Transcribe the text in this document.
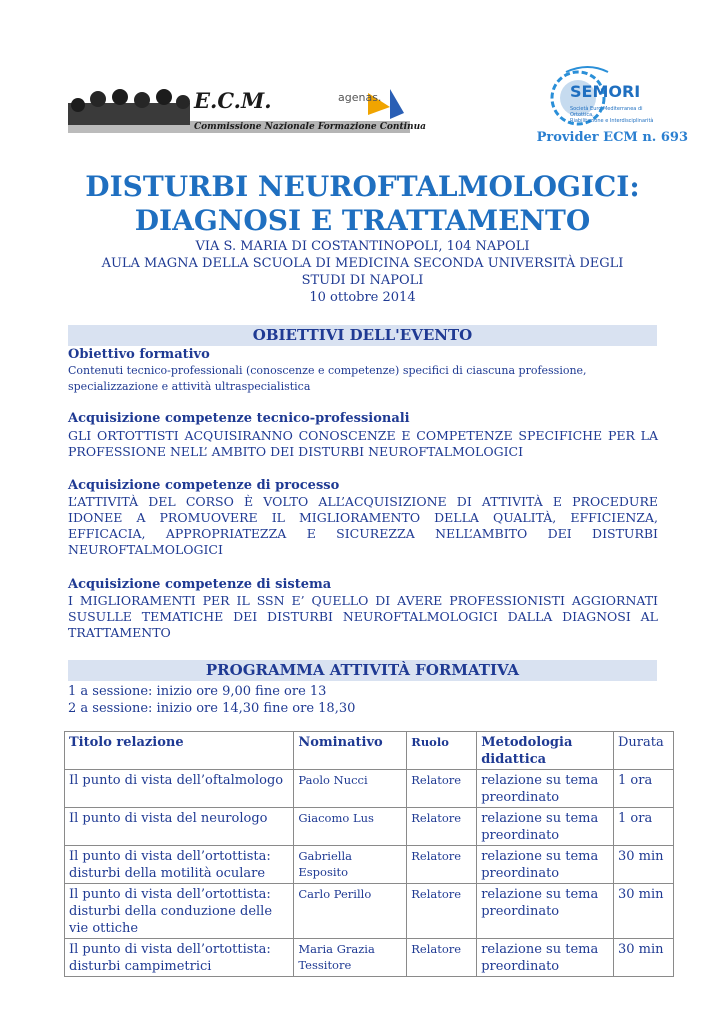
E.C.M.
Commissione Nazionale Formazione Continua
agenas.	SEMORI
Società Euro Mediterranea di Ortottica,
Riabilitazione e Interdisciplinarità
Provider ECM n. 693
DISTURBI NEUROFTALMOLOGICI:
DIAGNOSI E TRATTAMENTO
VIA S. MARIA DI COSTANTINOPOLI, 104 NAPOLI
AULA MAGNA DELLA SCUOLA DI MEDICINA SECONDA UNIVERSITÀ DEGLI
STUDI DI NAPOLI
10 ottobre 2014
OBIETTIVI DELL'EVENTO
Obiettivo formativo
Contenuti tecnico-professionali (conoscenze e competenze) specifici di ciascuna professione, specializzazione e attività ultraspecialistica
Acquisizione competenze tecnico-professionali
GLI ORTOTTISTI ACQUISIRANNO CONOSCENZE E COMPETENZE SPECIFICHE PER LA PROFESSIONE NELL’ AMBITO DEI DISTURBI NEUROFTALMOLOGICI
Acquisizione competenze di processo
L’ATTIVITÀ DEL CORSO È VOLTO ALL’ACQUISIZIONE DI ATTIVITÀ E PROCEDURE IDONEE A PROMUOVERE IL MIGLIORAMENTO DELLA QUALITÀ, EFFICIENZA, EFFICACIA, APPROPRIATEZZA E SICUREZZA NELL’AMBITO DEI DISTURBI NEUROFTALMOLOGICI
Acquisizione competenze di sistema
I MIGLIORAMENTI PER IL SSN E’ QUELLO DI AVERE PROFESSIONISTI AGGIORNATI SUSULLE TEMATICHE DEI DISTURBI NEUROFTALMOLOGICI DALLA DIAGNOSI AL TRATTAMENTO
PROGRAMMA ATTIVITÀ FORMATIVA
1 a sessione: inizio ore 9,00 fine ore 13
2 a sessione: inizio ore 14,30 fine ore 18,30
Titolo relazione	Nominativo	Ruolo	Metodologia didattica	Durata
Il punto di vista dell’oftalmologo	Paolo Nucci	Relatore	relazione su tema preordinato	1 ora
Il punto di vista del neurologo	Giacomo Lus	Relatore	relazione su tema preordinato	1 ora
Il punto di vista dell’ortottista: disturbi della motilità oculare	Gabriella Esposito	Relatore	relazione su tema preordinato	30 min
Il punto di vista dell’ortottista: disturbi della conduzione delle vie ottiche	Carlo Perillo	Relatore	relazione su tema preordinato	30 min
Il punto di vista dell’ortottista: disturbi campimetrici	Maria Grazia Tessitore	Relatore	relazione su tema preordinato	30 min
